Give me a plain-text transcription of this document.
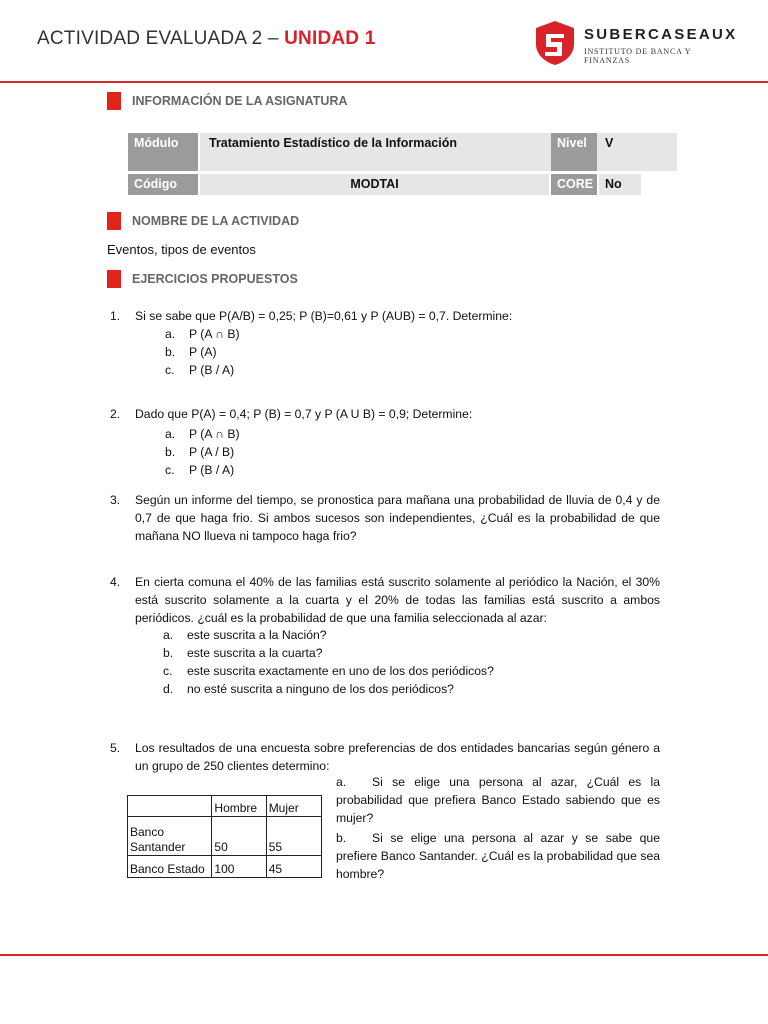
ACTIVIDAD EVALUADA 2 – UNIDAD 1	SUBERCASEAUX
INSTITUTO DE BANCA Y FINANZAS
INFORMACIÓN DE LA ASIGNATURA
Módulo Tratamiento Estadístico de la Información	Nivel V
Código	MODTAI	CORE No
NOMBRE DE LA ACTIVIDAD
Eventos, tipos de eventos
EJERCICIOS PROPUESTOS
1.	Si se sabe que P(A/B) = 0,25; P (B)=0,61 y P (AUB) = 0,7. Determine:
a. P (A ∩ B)
b. P (A)
c. P (B / A)
2.	Dado que P(A) = 0,4; P (B) = 0,7 y P (A U B) = 0,9; Determine:
a. P (A ∩ B)
b. P (A / B)
c. P (B / A)
3.	Según un informe del tiempo, se pronostica para mañana una probabilidad de lluvia de 0,4 y de 0,7 de que haga frio. Si ambos sucesos son independientes, ¿Cuál es la probabilidad de que mañana NO llueva ni tampoco haga frio?
4.	En cierta comuna el 40% de las familias está suscrito solamente al periódico la Nación, el 30% está suscrito solamente a la cuarta y el 20% de todas las familias está suscrito a ambos periódicos. ¿cuál es la probabilidad de que una familia seleccionada al azar:
a. este suscrita a la Nación?
b. este suscrita a la cuarta?
c. este suscrita exactamente en uno de los dos periódicos?
d. no esté suscrita a ninguno de los dos periódicos?
5.	Los resultados de una encuesta sobre preferencias de dos entidades bancarias según género a un grupo de 250 clientes determino:
a.	Si se elige una persona al azar, ¿Cuál es la probabilidad que prefiera Banco Estado sabiendo que es mujer?
b.	Si se elige una persona al azar y se sabe que prefiere Banco Santander. ¿Cuál es la probabilidad que sea hombre?
	Hombre	Mujer
Banco Santander	50	55
Banco Estado	100	45
